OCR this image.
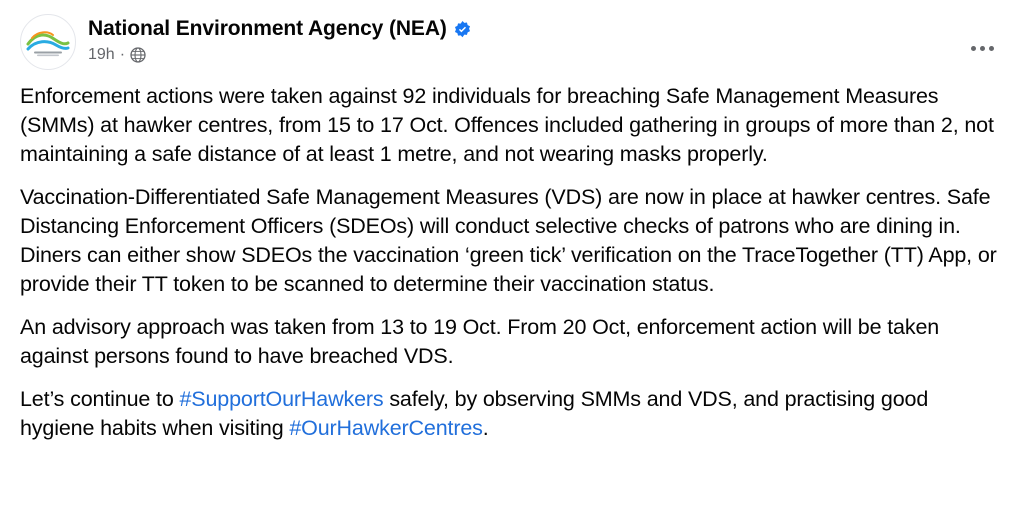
National Environment Agency (NEA)
19h ·

Enforcement actions were taken against 92 individuals for breaching Safe Management Measures (SMMs) at hawker centres, from 15 to 17 Oct. Offences included gathering in groups of more than 2, not maintaining a safe distance of at least 1 metre, and not wearing masks properly.

Vaccination-Differentiated Safe Management Measures (VDS) are now in place at hawker centres. Safe Distancing Enforcement Officers (SDEOs) will conduct selective checks of patrons who are dining in. Diners can either show SDEOs the vaccination ‘green tick’ verification on the TraceTogether (TT) App, or provide their TT token to be scanned to determine their vaccination status.

An advisory approach was taken from 13 to 19 Oct. From 20 Oct, enforcement action will be taken against persons found to have breached VDS.

Let’s continue to #SupportOurHawkers safely, by observing SMMs and VDS, and practising good hygiene habits when visiting #OurHawkerCentres.
